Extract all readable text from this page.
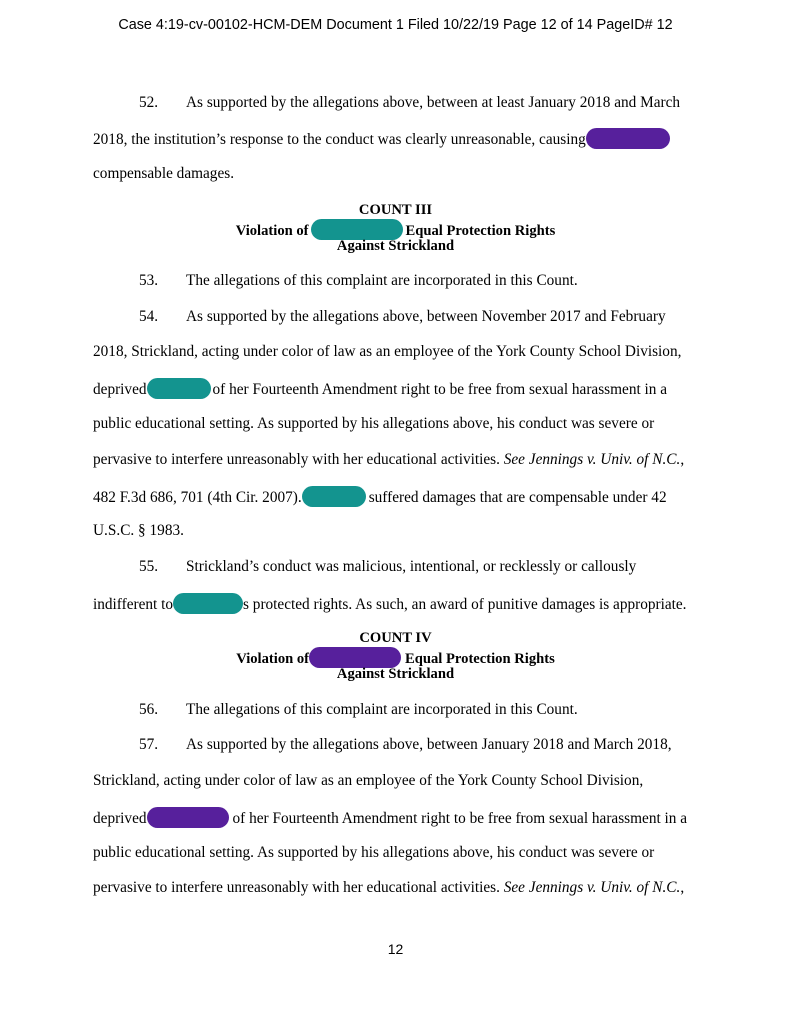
Case 4:19-cv-00102-HCM-DEM Document 1 Filed 10/22/19 Page 12 of 14 PageID# 12
52. As supported by the allegations above, between at least January 2018 and March
2018, the institution’s response to the conduct was clearly unreasonable, causing
compensable damages.
COUNT III
Violation of	Equal Protection Rights
Against Strickland
53. The allegations of this complaint are incorporated in this Count.
54. As supported by the allegations above, between November 2017 and February
2018, Strickland, acting under color of law as an employee of the York County School Division,
deprived	of her Fourteenth Amendment right to be free from sexual harassment in a
public educational setting. As supported by his allegations above, his conduct was severe or
pervasive to interfere unreasonably with her educational activities. See Jennings v. Univ. of N.C.,
482 F.3d 686, 701 (4th Cir. 2007).	suffered damages that are compensable under 42
U.S.C. § 1983.
55. Strickland’s conduct was malicious, intentional, or recklessly or callously
indifferent to	s protected rights. As such, an award of punitive damages is appropriate.
COUNT IV
Violation of	Equal Protection Rights
Against Strickland
56. The allegations of this complaint are incorporated in this Count.
57. As supported by the allegations above, between January 2018 and March 2018,
Strickland, acting under color of law as an employee of the York County School Division,
deprived	of her Fourteenth Amendment right to be free from sexual harassment in a
public educational setting. As supported by his allegations above, his conduct was severe or
pervasive to interfere unreasonably with her educational activities. See Jennings v. Univ. of N.C.,
12
